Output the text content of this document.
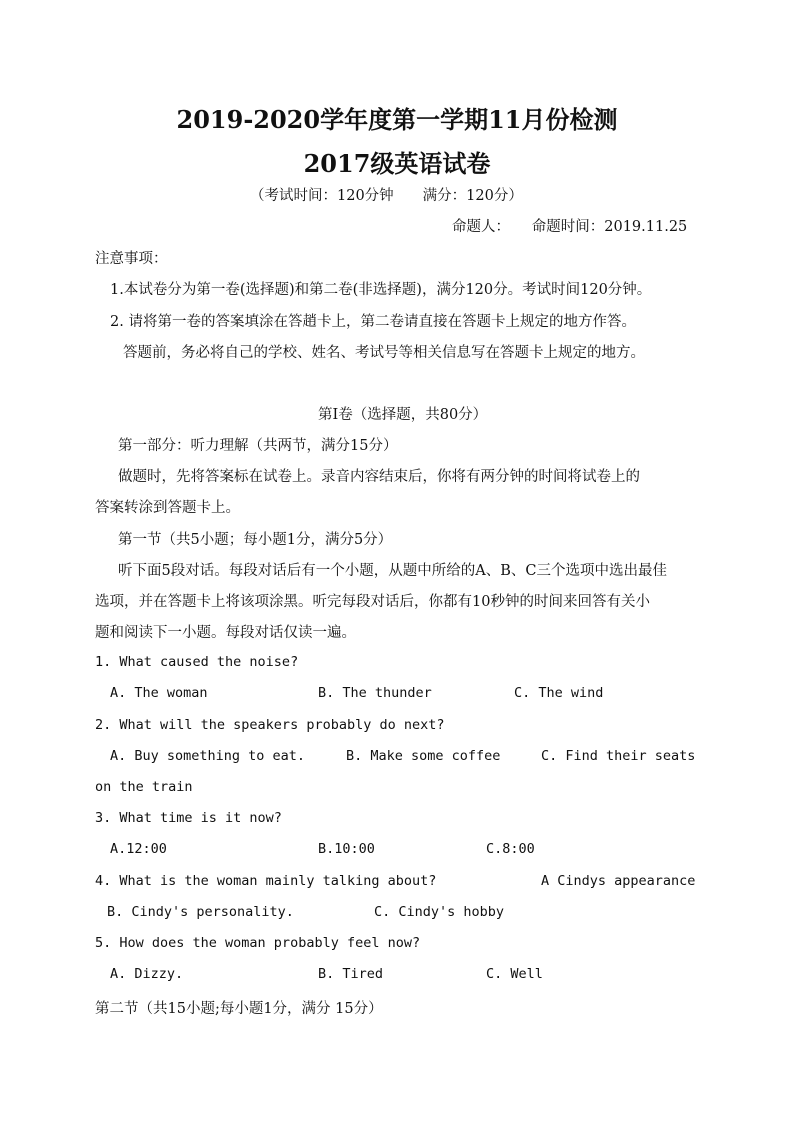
2019-2020学年度第一学期11月份检测
2017级英语试卷
（考试时间：120分钟　　满分：120分）
命题人：　　命题时间：2019.11.25
注意事项：
1.本试卷分为第一卷(选择题)和第二卷(非选择题)，满分120分。考试时间120分钟。
2. 请将第一卷的答案填涂在答趙卡上，第二卷请直接在答题卡上规定的地方作答。
答题前，务必将自己的学校、姓名、考试号等相关信息写在答题卡上规定的地方。
第I卷（选择题，共80分）
第一部分：听力理解（共两节，满分15分）
做题时，先将答案标在试卷上。录音内容结束后，你将有两分钟的时间将试卷上的
答案转涂到答题卡上。
第一节（共5小题；每小题1分，满分5分）
听下面5段对话。每段对话后有一个小题，从题中所给的A、B、C三个选项中选出最佳
选项，并在答题卡上将该项涂黑。听完每段对话后，你都有10秒钟的时间来回答有关小
题和阅读下一小题。每段对话仅读一遍。
1. What caused the noise?
A. The woman	B. The thunder	C. The wind
2. What will the speakers probably do next?
A. Buy something to eat.	B. Make some coffee	C. Find their seats
on the train
3. What time is it now?
A.12:00	B.10:00	C.8:00
4. What is the woman mainly talking about?	A Cindys appearance
B. Cindy's personality.	C. Cindy's hobby
5. How does the woman probably feel now?
A. Dizzy.	B. Tired	C. Well
第二节（共15小题;每小题1分，满分 15分）
